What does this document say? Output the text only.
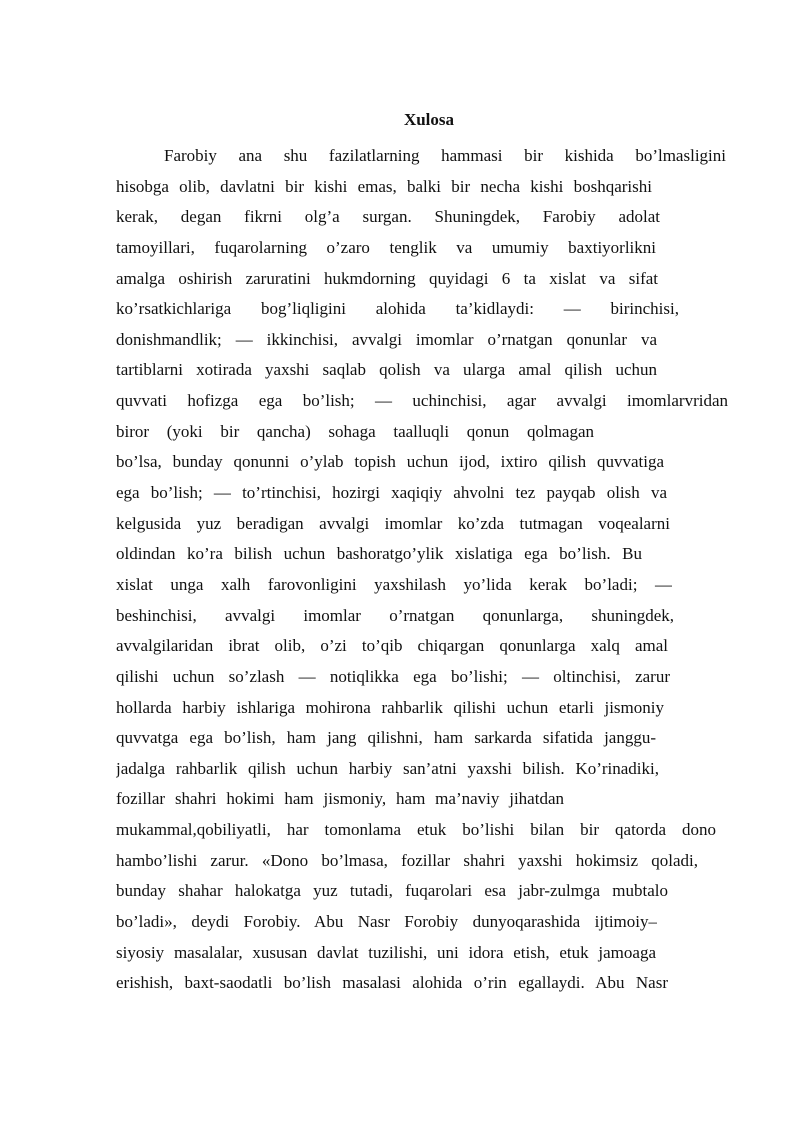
Xulosa
Farobiy ana shu fazilatlarning hammasi bir kishida bo’lmasligini
hisobga olib, davlatni bir kishi emas, balki bir necha kishi boshqarishi
kerak, degan fikrni olg’a surgan. Shuningdek, Farobiy adolat
tamoyillari, fuqarolarning o’zaro tenglik va umumiy baxtiyorlikni
amalga oshirish zaruratini hukmdorning quyidagi 6 ta xislat va sifat
ko’rsatkichlariga bog’liqligini alohida ta’kidlaydi: — birinchisi,
donishmandlik; — ikkinchisi, avvalgi imomlar o’rnatgan qonunlar va
tartiblarni xotirada yaxshi saqlab qolish va ularga amal qilish uchun
quvvati hofizga ega bo’lish; — uchinchisi, agar avvalgi imomlarvridan
biror (yoki bir qancha) sohaga taalluqli qonun qolmagan
bo’lsa, bunday qonunni o’ylab topish uchun ijod, ixtiro qilish quvvatiga
ega bo’lish; — to’rtinchisi, hozirgi xaqiqiy ahvolni tez payqab olish va
kelgusida yuz beradigan avvalgi imomlar ko’zda tutmagan voqealarni
oldindan ko’ra bilish uchun bashoratgo’ylik xislatiga ega bo’lish. Bu
xislat unga xalh farovonligini yaxshilash yo’lida kerak bo’ladi; —
beshinchisi, avvalgi imomlar o’rnatgan qonunlarga, shuningdek,
avvalgilaridan ibrat olib, o’zi to’qib chiqargan qonunlarga xalq amal
qilishi uchun so’zlash — notiqlikka ega bo’lishi; — oltinchisi, zarur
hollarda harbiy ishlariga mohirona rahbarlik qilishi uchun etarli jismoniy
quvvatga ega bo’lish, ham jang qilishni, ham sarkarda sifatida janggu-
jadalga rahbarlik qilish uchun harbiy san’atni yaxshi bilish. Ko’rinadiki,
fozillar shahri hokimi ham jismoniy, ham ma’naviy jihatdan
mukammal,qobiliyatli, har tomonlama etuk bo’lishi bilan bir qatorda dono
hambo’lishi zarur. «Dono bo’lmasa, fozillar shahri yaxshi hokimsiz qoladi,
bunday shahar halokatga yuz tutadi, fuqarolari esa jabr-zulmga mubtalo
bo’ladi», deydi Forobiy. Abu Nasr Forobiy dunyoqarashida ijtimoiy–
siyosiy masalalar, xususan davlat tuzilishi, uni idora etish, etuk jamoaga
erishish, baxt-saodatli bo’lish masalasi alohida o’rin egallaydi. Abu Nasr
